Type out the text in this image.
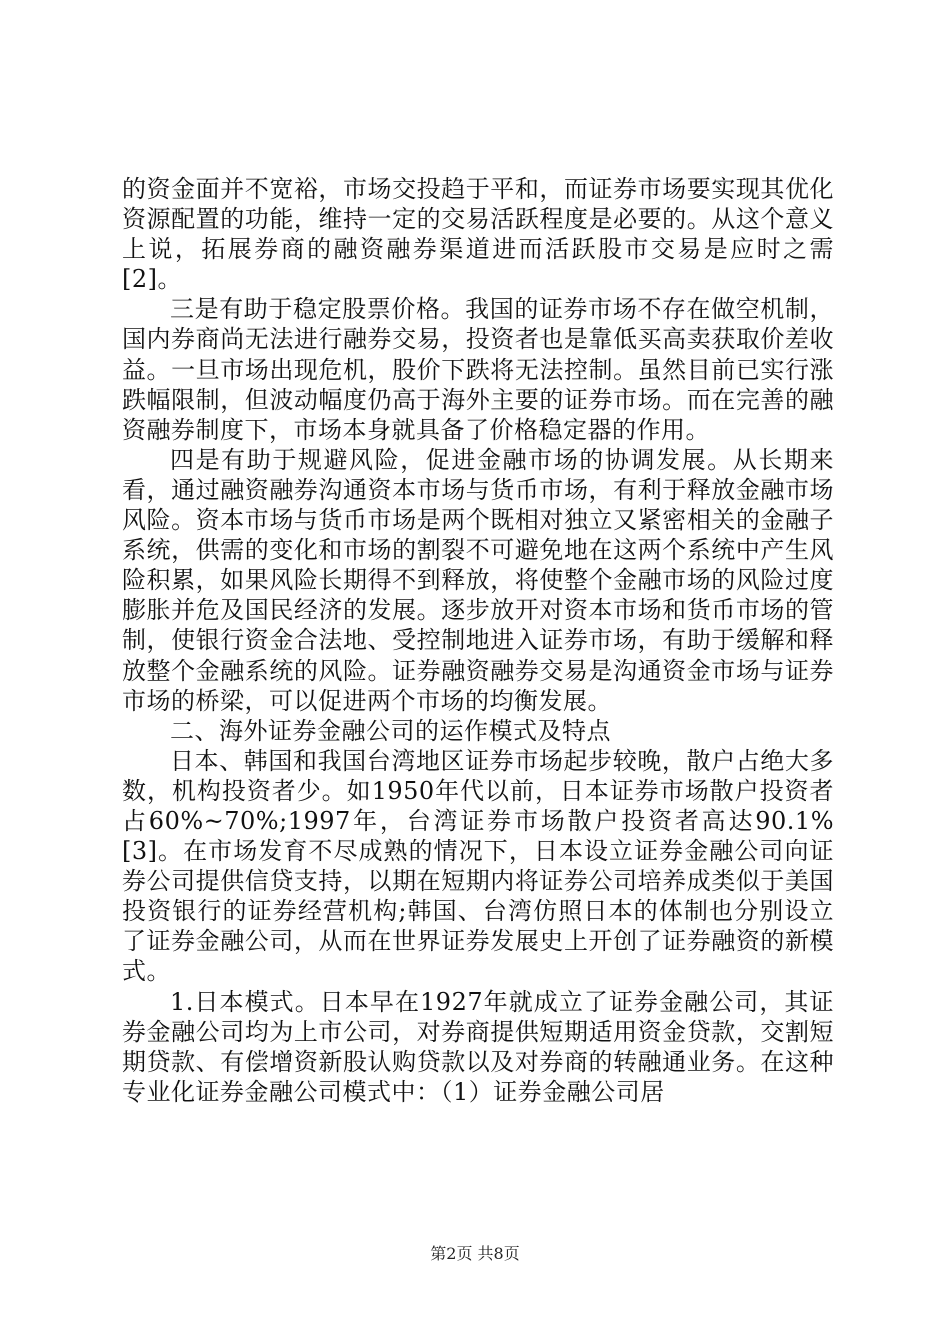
的资金面并不宽裕，市场交投趋于平和，而证券市场要实现其优化资源配置的功能，维持一定的交易活跃程度是必要的。从这个意义上说，拓展券商的融资融券渠道进而活跃股市交易是应时之需[2]。

三是有助于稳定股票价格。我国的证券市场不存在做空机制，国内券商尚无法进行融券交易，投资者也是靠低买高卖获取价差收益。一旦市场出现危机，股价下跌将无法控制。虽然目前已实行涨跌幅限制，但波动幅度仍高于海外主要的证券市场。而在完善的融资融券制度下，市场本身就具备了价格稳定器的作用。

四是有助于规避风险，促进金融市场的协调发展。从长期来看，通过融资融券沟通资本市场与货币市场，有利于释放金融市场风险。资本市场与货币市场是两个既相对独立又紧密相关的金融子系统，供需的变化和市场的割裂不可避免地在这两个系统中产生风险积累，如果风险长期得不到释放，将使整个金融市场的风险过度膨胀并危及国民经济的发展。逐步放开对资本市场和货币市场的管制，使银行资金合法地、受控制地进入证券市场，有助于缓解和释放整个金融系统的风险。证券融资融券交易是沟通资金市场与证券市场的桥梁，可以促进两个市场的均衡发展。

二、海外证券金融公司的运作模式及特点

日本、韩国和我国台湾地区证券市场起步较晚，散户占绝大多数，机构投资者少。如1950年代以前，日本证券市场散户投资者占60%~70%;1997年，台湾证券市场散户投资者高达90.1%[3]。在市场发育不尽成熟的情况下，日本设立证券金融公司向证券公司提供信贷支持，以期在短期内将证券公司培养成类似于美国投资银行的证券经营机构;韩国、台湾仿照日本的体制也分别设立了证券金融公司，从而在世界证券发展史上开创了证券融资的新模式。

1.日本模式。日本早在1927年就成立了证券金融公司，其证券金融公司均为上市公司，对券商提供短期适用资金贷款，交割短期贷款、有偿增资新股认购贷款以及对券商的转融通业务。在这种专业化证券金融公司模式中：（1）证券金融公司居

第2页 共8页
